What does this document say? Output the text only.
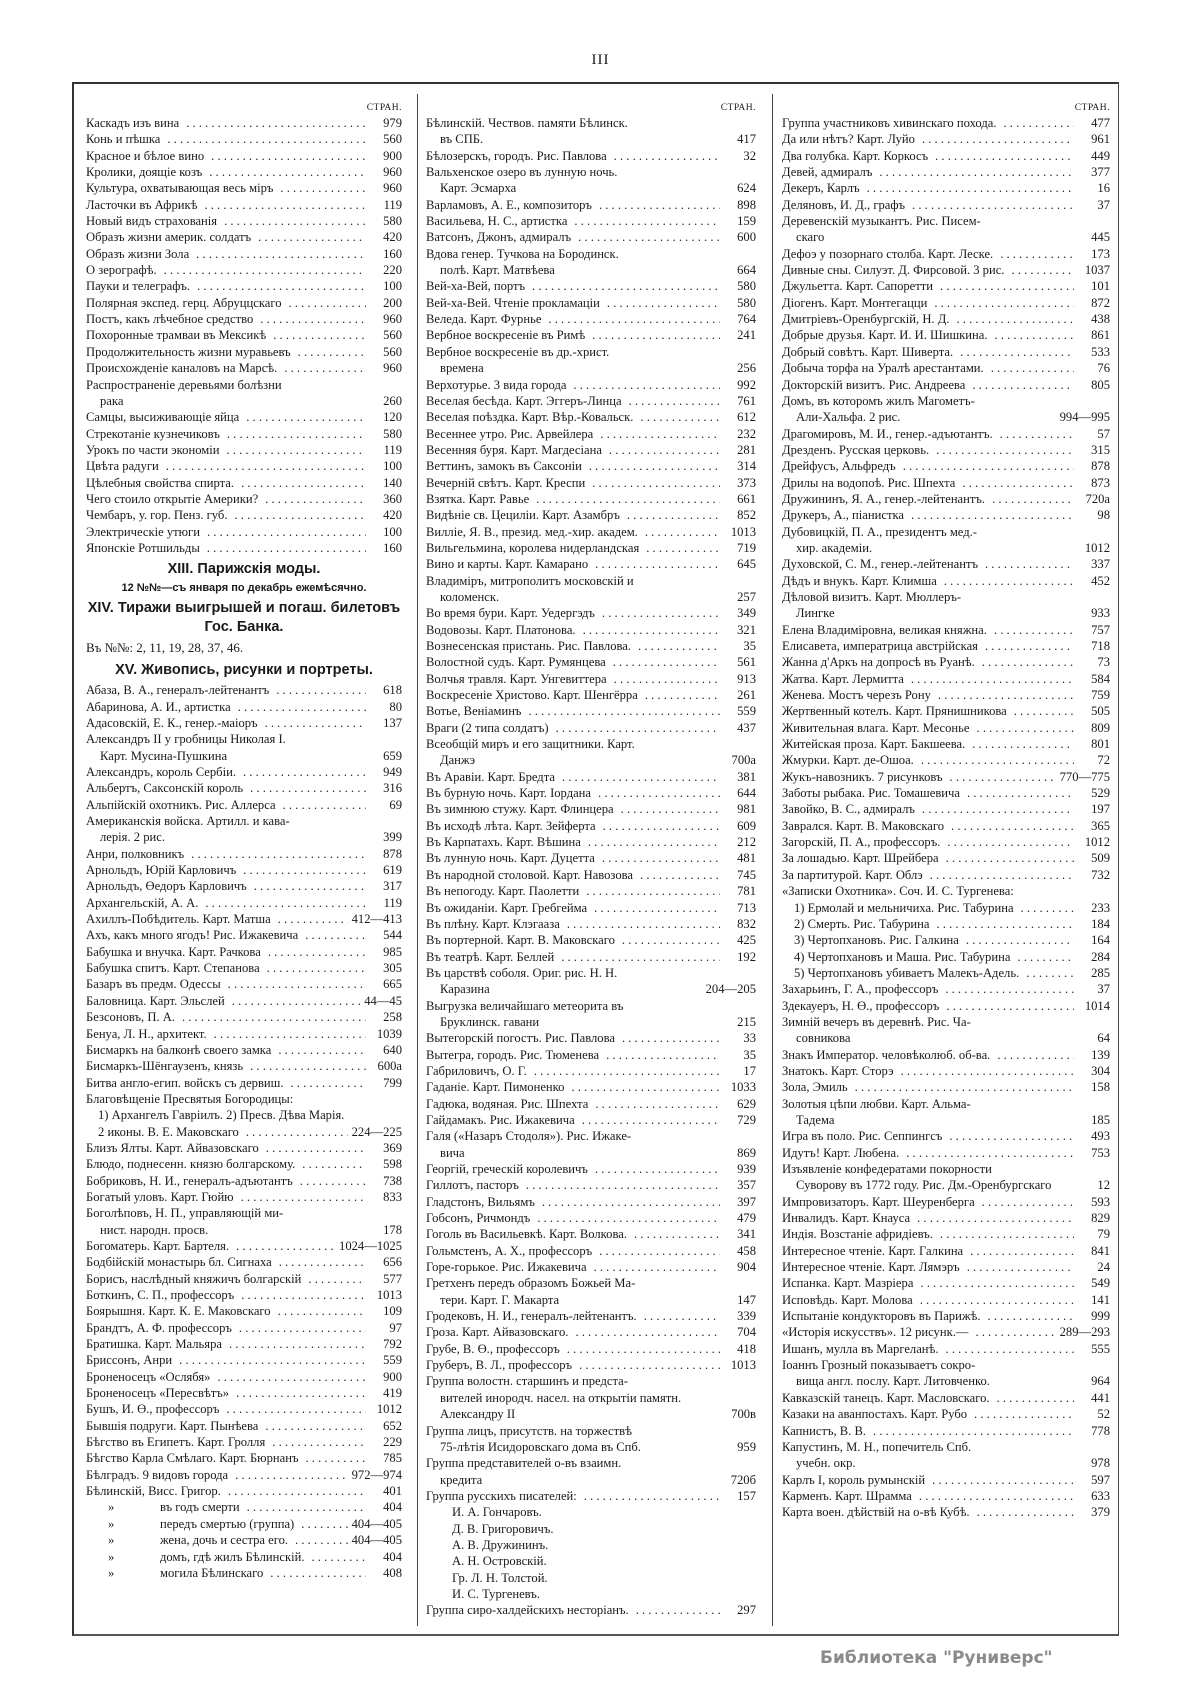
III
СТРАН.
Каскадъ изъ вина . . .	979
Конь и пѣшка . . .	560
Красное и бѣлое вино . . .	900
Кролики, доящіе козъ . . .	960
Культура, охватывающая весь міръ . . .	960
Ласточки въ Африкѣ . . .	119
Новый видъ страхованія . . .	580
Образъ жизни америк. солдатъ . . .	420
Образъ жизни Зола . . .	160
О зерографѣ. . . .	220
Пауки и телеграфъ. . . .	100
Полярная экспед. герц. Абруццскаго . . .	200
Постъ, какъ лѣчебное средство . . .	960
Похоронные трамваи въ Мексикѣ . . .	560
Продолжительность жизни муравьевъ . . .	560
Происхожденіе каналовъ на Марсѣ. . . .	960
Распространеніе деревьями болѣзни
рака
. . .	260
Самцы, высиживающіе яйца . . .	120
Стрекотаніе кузнечиковъ . . .	580
Урокъ по части экономіи . . .	119
Цвѣта радуги . . .	100
Цѣлебныя свойства спирта. . . .	140
Чего стоило открытіе Америки? . . .	360
Чембаръ, у. гор. Пенз. губ. . . .	420
Электрическіе утюги . . .	100
Японскіе Ротшильды . . .	160
XIII. Парижскія моды.
12 №№—съ января по декабрь ежемѣсячно.
XIV. Тиражи выигрышей и погаш. билетовъ Гос. Банка.
Въ №№: 2, 11, 19, 28, 37, 46.
XV. Живопись, рисунки и портреты.
Абаза, В. А., генералъ-лейтенантъ . . .	618
Абаринова, А. И., артистка . . .	80
Адасовскій, Е. К., генер.-маіоръ . . .	137
Александръ II у гробницы Николая I.
Карт. Мусина-Пушкина
. . .	659
Александръ, король Сербіи. . . .	949
Альбертъ, Саксонскій король . . .	316
Альпійскій охотникъ. Рис. Аллерса . . .	69
Американскія войска. Артилл. и кава-
лерія. 2 рис.
. . .	399
Анри, полковникъ . . .	878
Арнольдъ, Юрій Карловичъ . . .	619
Арнольдъ, Өедоръ Карловичъ . . .	317
Архангельскій, А. А. . . .	119
Ахиллъ-Побѣдитель. Карт. Матша . . .	412—413
Ахъ, какъ много ягодъ! Рис. Ижакевича . . .	544
Бабушка и внучка. Карт. Рачкова . . .	985
Бабушка спитъ. Карт. Степанова . . .	305
Базаръ въ предм. Одессы . . .	665
Баловница. Карт. Эльслей . . .	44—45
Безсоновъ, П. А. . . .	258
Бенуа, Л. Н., архитект. . . .	1039
Бисмаркъ на балконѣ своего замка . . .	640
Бисмаркъ-Шёнгаузенъ, князь . . .	600а
Битва англо-егип. войскъ съ дервиш. . . .	799
Благовѣщеніе Пресвятыя Богородицы:
1) Архангелъ Гавріилъ. 2) Пресв. Дѣва Марія. 2 иконы. В. Е. Маковскаго . . .	224—225
Близъ Ялты. Карт. Айвазовскаго . . .	369
Блюдо, поднесенн. князю болгарскому. . . .	598
Бобриковъ, Н. И., генералъ-адъютантъ . . .	738
Богатый уловъ. Карт. Гюйю . . .	833
Боголѣповъ, Н. П., управляющій ми-
нист. народн. просв.
. . .	178
Богоматерь. Карт. Бартеля. . . .	1024—1025
Бодбійскій монастырь бл. Сигнаха . . .	656
Борисъ, наслѣдный княжичъ болгарскій . . .	577
Боткинъ, С. П., профессоръ . . .	1013
Боярышня. Карт. К. Е. Маковскаго . . .	109
Брандтъ, А. Ф. профессоръ . . .	97
Братишка. Карт. Мальяра . . .	792
Бриссонъ, Анри . . .	559
Броненосецъ «Ослябя» . . .	900
Броненосецъ «Пересвѣтъ» . . .	419
Бушъ, И. Ө., профессоръ . . .	1012
Бывшія подруги. Карт. Пынѣева . . .	652
Бѣгство въ Египетъ. Карт. Гролля . . .	229
Бѣгство Карла Смѣлаго. Карт. Бюрнанъ . . .	785
Бѣлградъ. 9 видовъ города . . .	972—974
Бѣлинскій, Висс. Григор. . . .	401
»	въ годъ смерти . . .	404
»	передъ смертью (группа) . . .	404—405
»	жена, дочь и сестра его. . . .	404—405
»	домъ, гдѣ жилъ Бѣлинскій. . . .	404
»	могила Бѣлинскаго . . .	408
СТРАН.
Бѣлинскій. Чествов. памяти Бѣлинск.
въ СПБ.
. . .	417
Бѣлозерскъ, городъ. Рис. Павлова . . .	32
Вальхенское озеро въ лунную ночь.
Карт. Эсмарха
. . .	624
Варламовъ, А. Е., композиторъ . . .	898
Васильева, Н. С., артистка . . .	159
Ватсонъ, Джонъ, адмиралъ . . .	600
Вдова генер. Тучкова на Бородинск.
полѣ. Карт. Матвѣева
. . .	664
Вей-ха-Вей, портъ . . .	580
Вей-ха-Вей. Чтеніе прокламаціи . . .	580
Веледа. Карт. Фурнье . . .	764
Вербное воскресеніе въ Римѣ . . .	241
Вербное воскресеніе въ др.-христ.
времена
. . .	256
Верхотурье. 3 вида города . . .	992
Веселая бесѣда. Карт. Эггеръ-Линца . . .	761
Веселая поѣздка. Карт. Вѣр.-Ковальск. . . .	612
Весеннее утро. Рис. Арвейлера . . .	232
Весенняя буря. Карт. Магдесіана . . .	281
Веттинъ, замокъ въ Саксоніи . . .	314
Вечерній свѣтъ. Карт. Креспи . . .	373
Взятка. Карт. Равье . . .	661
Видѣніе св. Цециліи. Карт. Азамбръ . . .	852
Виллie, Я. В., презид. мед.-хир. академ. . . .	1013
Вильгельмина, королева нидерландская . . .	719
Вино и карты. Карт. Камарано . . .	645
Владиміръ, митрополитъ московскій и
коломенск.
. . .	257
Во время бури. Карт. Уедергэдъ . . .	349
Водовозы. Карт. Платонова. . . .	321
Вознесенская пристань. Рис. Павлова. . . .	35
Волостной судъ. Карт. Румянцева . . .	561
Волчья травля. Карт. Унгевиттера . . .	913
Воскресеніе Христово. Карт. Шенгёрра . . .	261
Вотье, Веніаминъ . . .	559
Враги (2 типа солдатъ) . . .	437
Всеобщій миръ и его защитники. Карт.
Данжэ
. . .	700а
Въ Аравіи. Карт. Бредта . . .	381
Въ бурную ночь. Карт. Іордана . . .	644
Въ зимнюю стужу. Карт. Флинцера . . .	981
Въ исходѣ лѣта. Карт. Зейферта . . .	609
Въ Карпатахъ. Карт. Вѣшина . . .	212
Въ лунную ночь. Карт. Дуцетта . . .	481
Въ народной столовой. Карт. Навозова . . .	745
Въ непогоду. Карт. Паолетти . . .	781
Въ ожиданіи. Карт. Гребгейма . . .	713
Въ плѣну. Карт. Клэгааза . . .	832
Въ портерной. Карт. В. Маковскаго . . .	425
Въ театрѣ. Карт. Беллей . . .	192
Въ царствѣ соболя. Ориг. рис. Н. Н.
Каразина
. . .	204—205
Выгрузка величайшаго метеорита въ
Бруклинск. гавани
. . .	215
Вытегорскій погостъ. Рис. Павлова . . .	33
Вытегра, городъ. Рис. Тюменева . . .	35
Габриловичъ, О. Г. . . .	17
Гаданіе. Карт. Пимоненко . . .	1033
Гадюка, водяная. Рис. Шпехта . . .	629
Гайдамакъ. Рис. Ижакевича . . .	729
Галя («Назаръ Стодоля»). Рис. Ижаке-
вича
. . .	869
Георгій, греческій королевичъ . . .	939
Гиллотъ, пасторъ . . .	357
Гладстонъ, Вильямъ . . .	397
Гобсонъ, Ричмондъ . . .	479
Гоголь въ Васильевкѣ. Карт. Волкова. . . .	341
Гольмстенъ, А. Х., профессоръ . . .	458
Горе-горькое. Рис. Ижакевича . . .	904
Гретхенъ передъ образомъ Божьей Ма-
тери. Карт. Г. Макарта
. . .	147
Гродековъ, Н. И., генералъ-лейтенантъ. . . .	339
Гроза. Карт. Айвазовскаго. . . .	704
Грубе, В. Ө., профессоръ . . .	418
Груберъ, В. Л., профессоръ . . .	1013
Группа волостн. старшинъ и предста-
вителей инородч. насел. на открытіи памятн. Александру II
. . .	700в
Группа лицъ, присутств. на торжествѣ
75-лѣтія Исидоровскаго дома въ Спб.
. . .	959
Группа представителей о-въ взаимн.
кредита
. . .	720б
Группа русскихъ писателей: . . .	157
И. А. Гончаровъ.
Д. В. Григоровичъ.
А. В. Дружининъ.
А. Н. Островскій.
Гр. Л. Н. Толстой.
И. С. Тургеневъ.
Группа сиро-халдейскихъ несторіанъ. . . .	297
СТРАН.
Группа участниковъ хивинскаго похода. . . .	477
Да или нѣтъ? Карт. Луйо . . .	961
Два голубка. Карт. Коркосъ . . .	449
Девей, адмиралъ . . .	377
Декеръ, Карлъ . . .	16
Деляновъ, И. Д., графъ . . .	37
Деревенскій музыкантъ. Рис. Писем-
скаго
. . .	445
Дефоэ у позорнаго столба. Карт. Леске. . . .	173
Дивные сны. Силуэт. Д. Фирсовой. 3 рис. . . .	1037
Джульетта. Карт. Сапоретти . . .	101
Діогенъ. Карт. Монтегацци . . .	872
Дмитріевъ-Оренбургскій, Н. Д. . . .	438
Добрые друзья. Карт. И. И. Шишкина. . . .	861
Добрый совѣтъ. Карт. Шиверта. . . .	533
Добыча торфа на Уралѣ арестантами. . . .	76
Докторскій визитъ. Рис. Андреева . . .	805
Домъ, въ которомъ жилъ Магометъ-
Али-Хальфа. 2 рис.
. . .	994—995
Драгомировъ, М. И., генер.-адъютантъ. . . .	57
Дрезденъ. Русская церковь. . . .	315
Дрейфусъ, Альфредъ . . .	878
Дрилы на водопоѣ. Рис. Шпехта . . .	873
Дружининъ, Я. А., генер.-лейтенантъ. . . .	720а
Друкеръ, А., піанистка . . .	98
Дубовицкій, П. А., президентъ мед.-
хир. академіи.
. . .	1012
Духовской, С. М., генер.-лейтенантъ . . .	337
Дѣдъ и внукъ. Карт. Климша . . .	452
Дѣловой визитъ. Карт. Мюллеръ-
Лингке
. . .	933
Елена Владиміровна, великая княжна. . . .	757
Елисавета, императрица австрійская . . .	718
Жанна д'Аркъ на допросѣ въ Руанѣ. . . .	73
Жатва. Карт. Лермитта . . .	584
Женева. Мостъ черезъ Рону . . .	759
Жертвенный котелъ. Карт. Прянишникова . . .	505
Живительная влага. Карт. Месонье . . .	809
Житейская проза. Карт. Бакшеева. . . .	801
Жмурки. Карт. де-Ошоа. . . .	72
Жукъ-навозникъ. 7 рисунковъ . . .	770—775
Заботы рыбака. Рис. Томашевича . . .	529
Завойко, В. С., адмиралъ . . .	197
Заврался. Карт. В. Маковскаго . . .	365
Загорскій, П. А., профессоръ. . . .	1012
За лошадью. Карт. Шрейбера . . .	509
За партитурой. Карт. Облэ . . .	732
«Записки Охотника». Соч. И. С. Тургенева:
1) Ермолай и мельничиха. Рис. Табурина . . .	233
2) Смерть. Рис. Табурина . . .	184
3) Чертопхановъ. Рис. Галкина . . .	164
4) Чертопхановъ и Маша. Рис. Табурина . . .	284
5) Чертопхановъ убиваетъ Малекъ-Адель. . . .	285
Захарьинъ, Г. А., профессоръ . . .	37
Здекауеръ, Н. Ө., профессоръ . . .	1014
Зимній вечеръ въ деревнѣ. Рис. Ча-
совникова
. . .	64
Знакъ Император. человѣколюб. об-ва. . . .	139
Знатокъ. Карт. Сторэ . . .	304
Зола, Эмиль . . .	158
Золотыя цѣпи любви. Карт. Альма-
Тадема
. . .	185
Игра въ поло. Рис. Сеппингсъ . . .	493
Идутъ! Карт. Любена. . . .	753
Изъявленіе конфедератами покорности
Суворову въ 1772 году. Рис. Дм.-Оренбургскаго
. . .	12
Импровизаторъ. Карт. Шеуренберга . . .	593
Инвалидъ. Карт. Кнауса . . .	829
Индія. Возстаніе афридіевъ. . . .	79
Интересное чтеніе. Карт. Галкина . . .	841
Интересное чтеніе. Карт. Лямэръ . . .	24
Испанка. Карт. Мазріера . . .	549
Исповѣдь. Карт. Молова . . .	141
Испытаніе кондукторовъ въ Парижѣ. . . .	999
«Исторія искусствъ». 12 рисунк.— . . .	289—293
Ишанъ, мулла въ Маргеланѣ. . . .	555
Іоаннъ Грозный показываетъ сокро-
вища англ. послу. Карт. Литовченко.
. . .	964
Кавказскій танецъ. Карт. Масловскаго. . . .	441
Казаки на аванпостахъ. Карт. Рубо . . .	52
Капнистъ, В. В. . . .	778
Капустинъ, М. Н., попечитель Спб.
учебн. окр.
. . .	978
Карлъ I, король румынскій . . .	597
Карменъ. Карт. Шрамма . . .	633
Карта воен. дѣйствій на о-вѣ Кубѣ. . . .	379
Библиотека "Руниверс"
